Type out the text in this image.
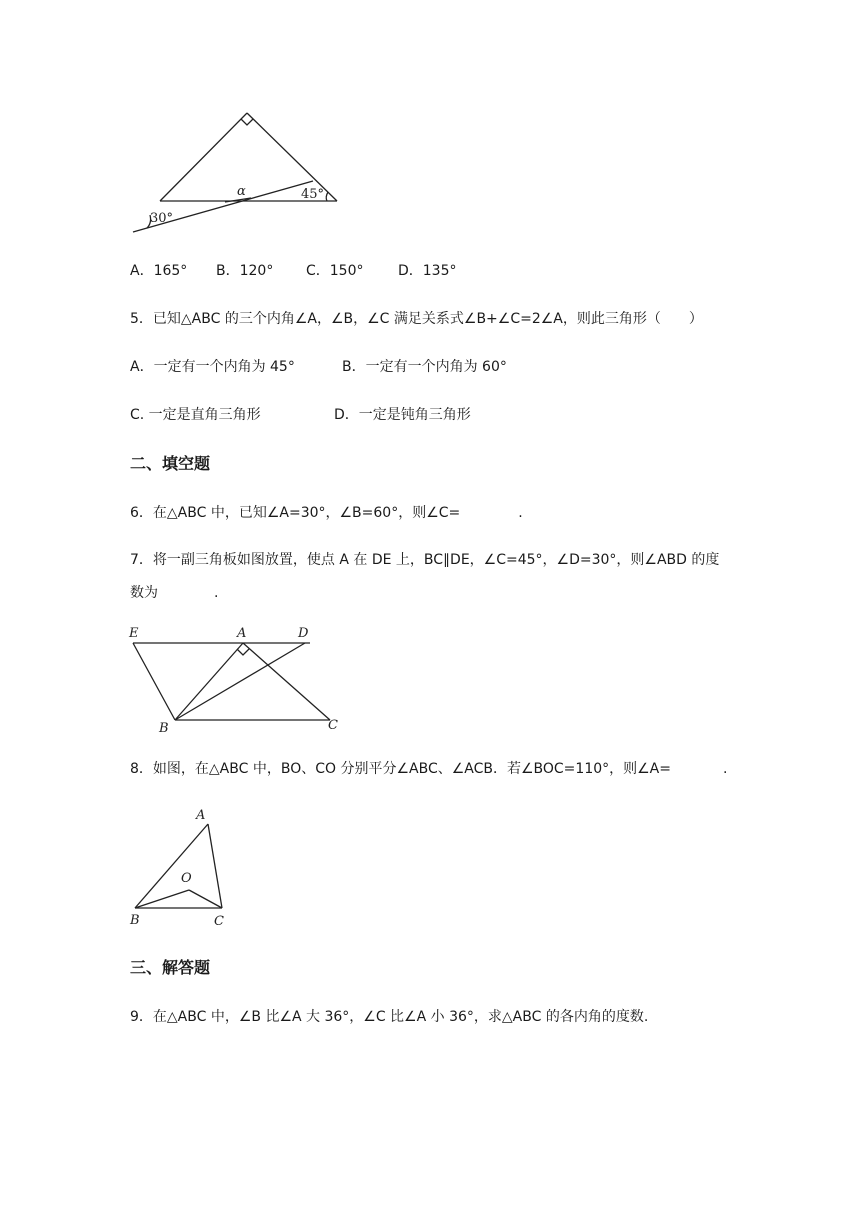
α
30°
45°
A．165° B．120° C．150° D．135°
5．已知△ABC 的三个内角∠A，∠B，∠C 满足关系式∠B+∠C=2∠A，则此三角形（　　）
A．一定有一个内角为 45°	B．一定有一个内角为 60°
C. 一定是直角三角形	D．一定是钝角三角形
二、填空题
6．在△ABC 中，已知∠A=30°，∠B=60°，则∠C=	.
7．将一副三角板如图放置，使点 A 在 DE 上，BC∥DE，∠C=45°，∠D=30°，则∠ABD 的度
数为	.
E	A	D
B	C
8．如图，在△ABC 中，BO、CO 分别平分∠ABC、∠ACB．若∠BOC=110°，则∠A=	.
A
O
B	C
三、解答题
9．在△ABC 中，∠B 比∠A 大 36°，∠C 比∠A 小 36°，求△ABC 的各内角的度数.
